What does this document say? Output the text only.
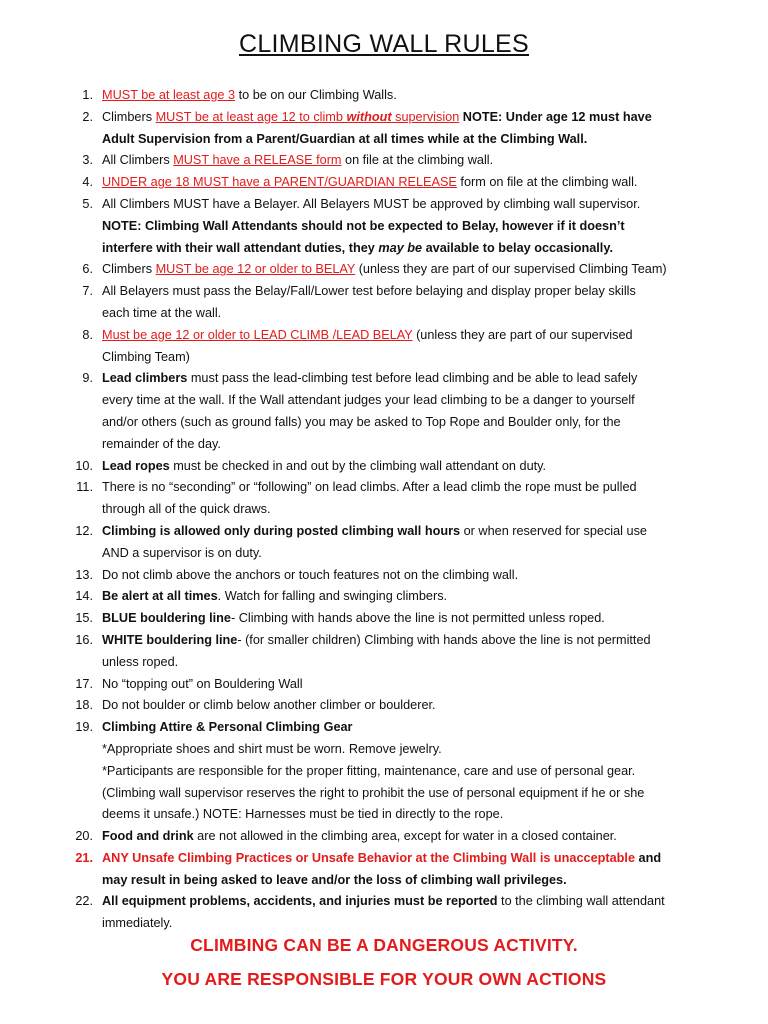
CLIMBING WALL RULES
1. MUST be at least age 3 to be on our Climbing Walls.
2. Climbers MUST be at least age 12 to climb without supervision NOTE: Under age 12 must have
Adult Supervision from a Parent/Guardian at all times while at the Climbing Wall.
3. All Climbers MUST have a RELEASE form on file at the climbing wall.
4. UNDER age 18 MUST have a PARENT/GUARDIAN RELEASE form on file at the climbing wall.
5. All Climbers MUST have a Belayer. All Belayers MUST be approved by climbing wall supervisor.
NOTE: Climbing Wall Attendants should not be expected to Belay, however if it doesn’t
interfere with their wall attendant duties, they may be available to belay occasionally.
6. Climbers MUST be age 12 or older to BELAY (unless they are part of our supervised Climbing Team)
7. All Belayers must pass the Belay/Fall/Lower test before belaying and display proper belay skills
each time at the wall.
8. Must be age 12 or older to LEAD CLIMB /LEAD BELAY (unless they are part of our supervised
Climbing Team)
9. Lead climbers must pass the lead-climbing test before lead climbing and be able to lead safely
every time at the wall. If the Wall attendant judges your lead climbing to be a danger to yourself
and/or others (such as ground falls) you may be asked to Top Rope and Boulder only, for the
remainder of the day.
10. Lead ropes must be checked in and out by the climbing wall attendant on duty.
11. There is no “seconding” or “following” on lead climbs. After a lead climb the rope must be pulled
through all of the quick draws.
12. Climbing is allowed only during posted climbing wall hours or when reserved for special use
AND a supervisor is on duty.
13. Do not climb above the anchors or touch features not on the climbing wall.
14. Be alert at all times. Watch for falling and swinging climbers.
15. BLUE bouldering line- Climbing with hands above the line is not permitted unless roped.
16. WHITE bouldering line- (for smaller children) Climbing with hands above the line is not permitted
unless roped.
17. No “topping out” on Bouldering Wall
18. Do not boulder or climb below another climber or boulderer.
19. Climbing Attire & Personal Climbing Gear
*Appropriate shoes and shirt must be worn. Remove jewelry.
*Participants are responsible for the proper fitting, maintenance, care and use of personal gear.
(Climbing wall supervisor reserves the right to prohibit the use of personal equipment if he or she
deems it unsafe.) NOTE: Harnesses must be tied in directly to the rope.
20. Food and drink are not allowed in the climbing area, except for water in a closed container.
21. ANY Unsafe Climbing Practices or Unsafe Behavior at the Climbing Wall is unacceptable and
may result in being asked to leave and/or the loss of climbing wall privileges.
22. All equipment problems, accidents, and injuries must be reported to the climbing wall attendant
immediately.
CLIMBING CAN BE A DANGEROUS ACTIVITY.
YOU ARE RESPONSIBLE FOR YOUR OWN ACTIONS
